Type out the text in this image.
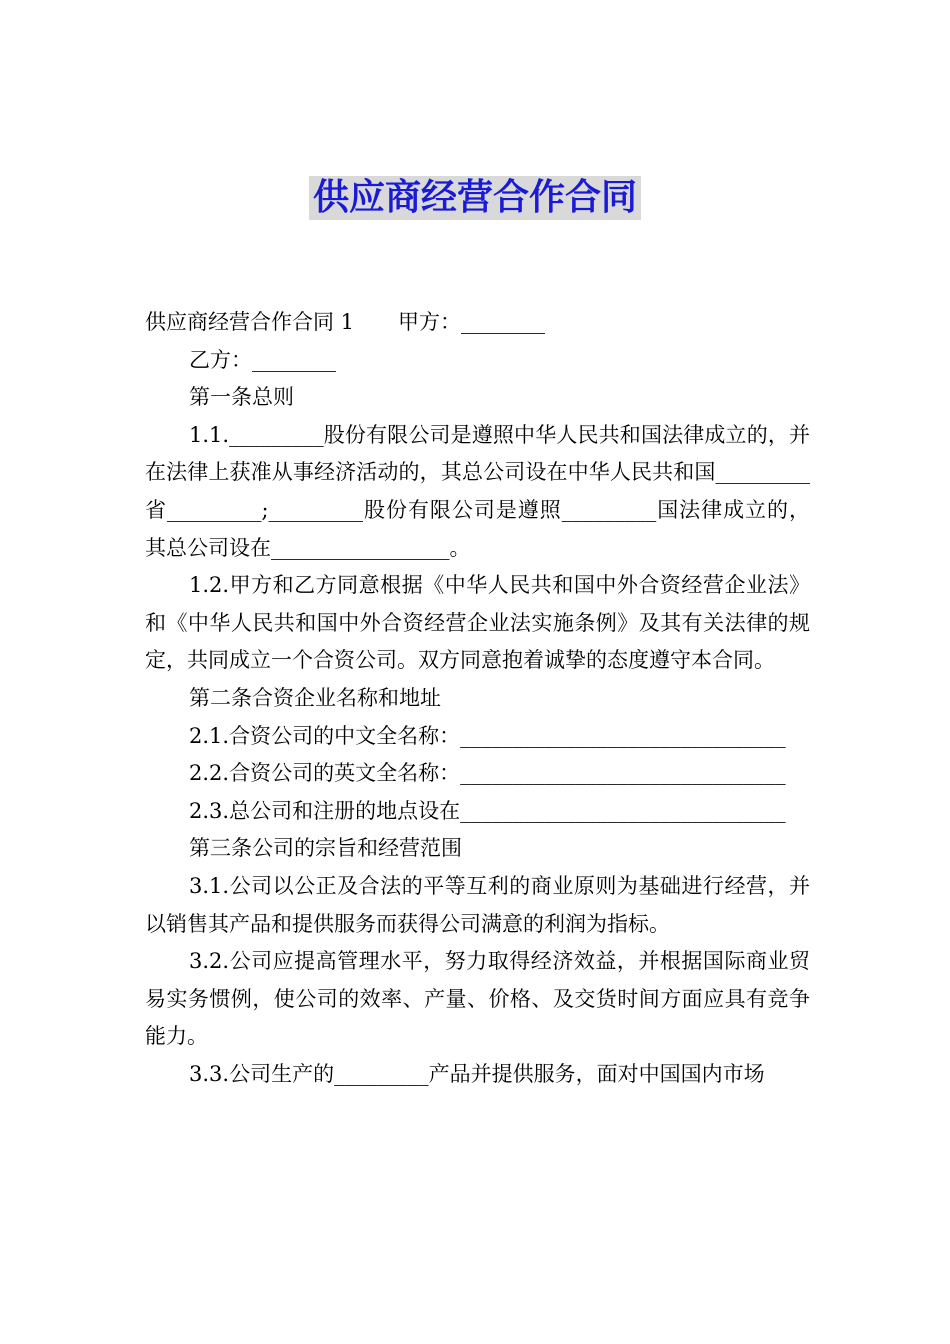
供应商经营合作合同

供应商经营合作合同 1 甲方：________

乙方：________

第一条总则

1.1._________股份有限公司是遵照中华人民共和国法律成立的，并在法律上获准从事经济活动的，其总公司设在中华人民共和国_________省_________;_________股份有限公司是遵照_________国法律成立的，其总公司设在_________________。

1.2.甲方和乙方同意根据《中华人民共和国中外合资经营企业法》和《中华人民共和国中外合资经营企业法实施条例》及其有关法律的规定，共同成立一个合资公司。双方同意抱着诚挚的态度遵守本合同。

第二条合资企业名称和地址

2.1.合资公司的中文全名称：_______________________________

2.2.合资公司的英文全名称：_______________________________

2.3.总公司和注册的地点设在_______________________________

第三条公司的宗旨和经营范围

3.1.公司以公正及合法的平等互利的商业原则为基础进行经营，并以销售其产品和提供服务而获得公司满意的利润为指标。

3.2.公司应提高管理水平，努力取得经济效益，并根据国际商业贸易实务惯例，使公司的效率、产量、价格、及交货时间方面应具有竞争能力。

3.3.公司生产的_________产品并提供服务，面对中国国内市场
